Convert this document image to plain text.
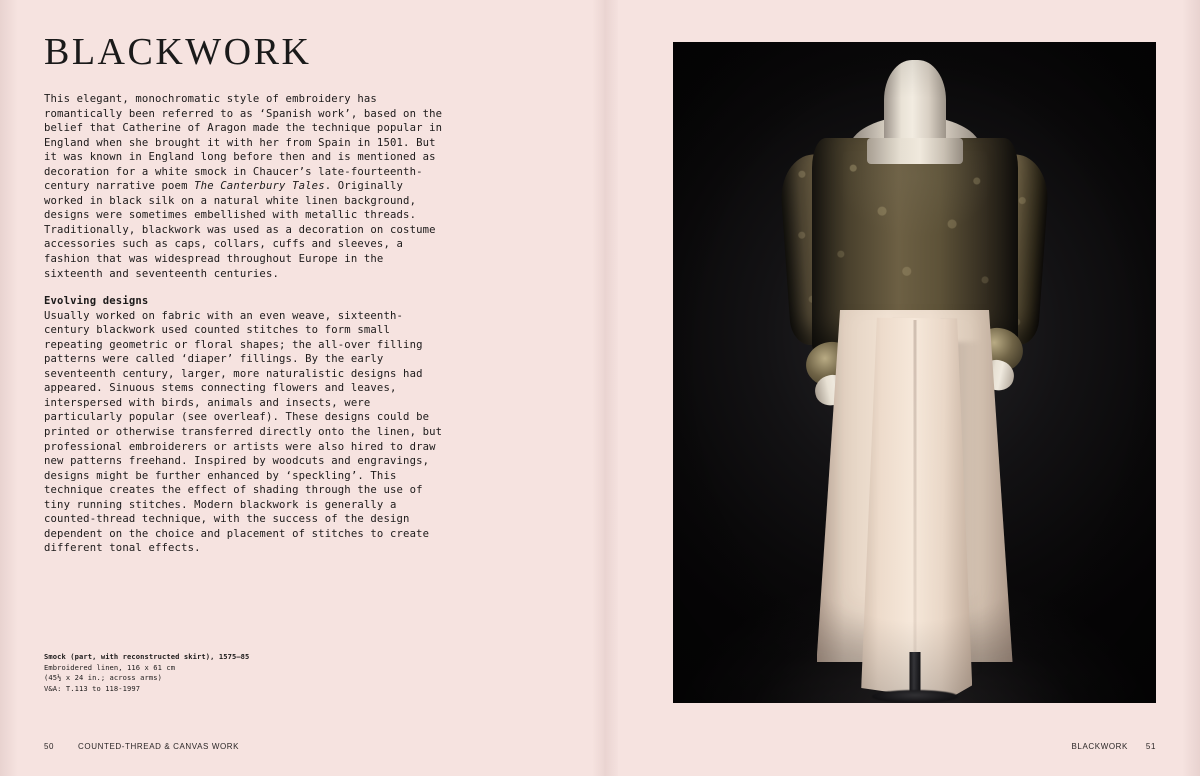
BLACKWORK

This elegant, monochromatic style of embroidery has romantically been referred to as ‘Spanish work’, based on the belief that Catherine of Aragon made the technique popular in England when she brought it with her from Spain in 1501. But it was known in England long before then and is mentioned as decoration for a white smock in Chaucer’s late-fourteenth-century narrative poem The Canterbury Tales. Originally worked in black silk on a natural white linen background, designs were sometimes embellished with metallic threads. Traditionally, blackwork was used as a decoration on costume accessories such as caps, collars, cuffs and sleeves, a fashion that was widespread throughout Europe in the sixteenth and seventeenth centuries.

Evolving designs

Usually worked on fabric with an even weave, sixteenth-century blackwork used counted stitches to form small repeating geometric or floral shapes; the all-over filling patterns were called ‘diaper’ fillings. By the early seventeenth century, larger, more naturalistic designs had appeared. Sinuous stems connecting flowers and leaves, interspersed with birds, animals and insects, were particularly popular (see overleaf). These designs could be printed or otherwise transferred directly onto the linen, but professional embroiderers or artists were also hired to draw new patterns freehand. Inspired by woodcuts and engravings, designs might be further enhanced by ‘speckling’. This technique creates the effect of shading through the use of tiny running stitches. Modern blackwork is generally a counted-thread technique, with the success of the design dependent on the choice and placement of stitches to create different tonal effects.

Smock (part, with reconstructed skirt), 1575–85
Embroidered linen, 116 x 61 cm
(45½ x 24 in.; across arms)
V&A: T.113 to 118-1997
50	COUNTED-THREAD & CANVAS WORK	BLACKWORK 51
